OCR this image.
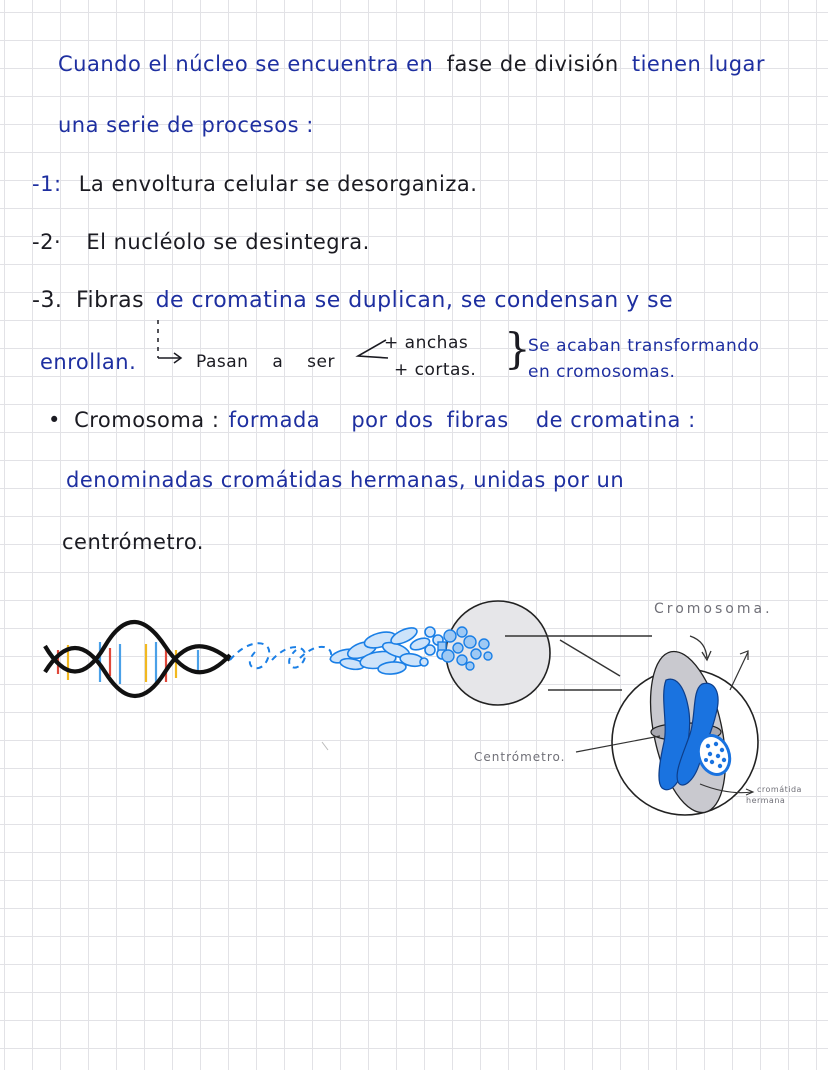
Cuando el núcleo se encuentra en fase de división tienen lugar
una serie de procesos :
-1: La envoltura celular se desorganiza.
-2· El nucléolo se desintegra.
-3. Fibras de cromatina se duplican, se condensan y se
enrollan.	Pasan a ser
+ anchas
+ cortas. }
Se acaban transformando
en cromosomas.
• Cromosoma : formada por dos fibras de cromatina :
denominadas cromátidas hermanas, unidas por un
centrómetro.
Cromosoma.
Centrómetro.
cromátida
hermana
